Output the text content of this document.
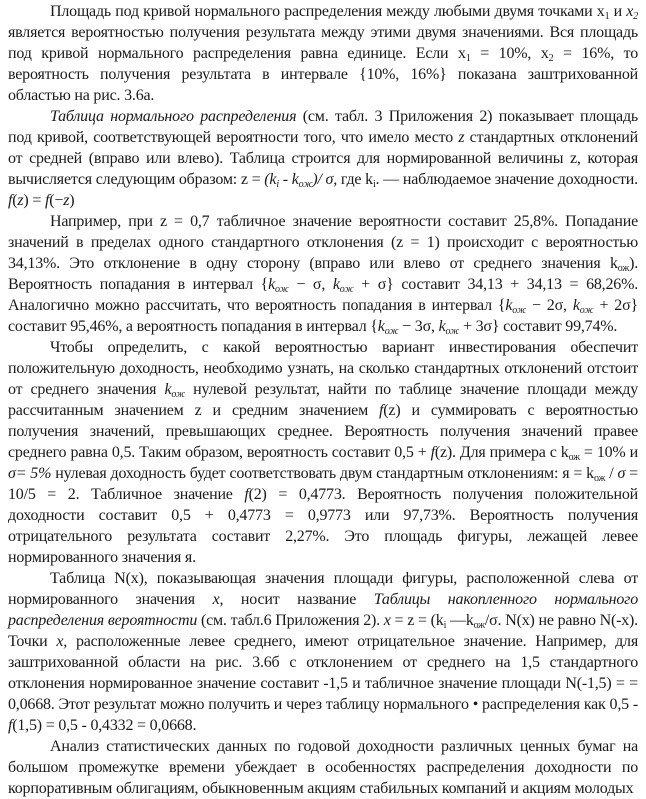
Площадь под кривой нормального распределения между любыми двумя точками $x_1$ и $x_2$ является вероятностью получения результата между этими двумя значениями. Вся площадь под кривой нормального распределения равна единице. Если $x_1 = 10\%$, $x_2 = 16\%$, то вероятность получения результата в интервале {10%, 16%} показана заштрихованной областью на рис. 3.6а.

Таблица нормального распределения (см. табл. 3 Приложения 2) показывает площадь под кривой, соответствующей вероятности того, что имело место z стандартных отклонений от средней (вправо или влево). Таблица строится для нормированной величины z, которая вычисляется следующим образом: $z = (k_i - k_{ож})/$ σ, где $k_i$. — наблюдаемое значение доходности. f(z) = f(−z)

Например, при z = 0,7 табличное значение вероятности составит 25,8%. Попадание значений в пределах одного стандартного отклонения (z = 1) происходит с вероятностью 34,13%. Это отклонение в одну сторону (вправо или влево от среднего значения $k_{ож}$). Вероятность попадания в интервал {$k_{ож} - \sigma$, $k_{ож} + \sigma$} составит 34,13 + 34,13 = 68,26%. Аналогично можно рассчитать, что вероятность попадания в интервал {$k_{ож} - 2\sigma$, $k_{ож} + 2\sigma$} составит 95,46%, а вероятность попадания в интервал {$k_{ож} - 3\sigma$, $k_{ож} + 3\sigma$} составит 99,74%.

Чтобы определить, с какой вероятностью вариант инвестирования обеспечит положительную доходность, необходимо узнать, на сколько стандартных отклонений отстоит от среднего значения $k_{ож}$ нулевой результат, найти по таблице значение площади между рассчитанным значением z и средним значением f(z) и суммировать с вероятностью получения значений, превышающих среднее. Вероятность получения значений правее среднего равна 0,5. Таким образом, вероятность составит 0,5 + f(z). Для примера с $k_{ож} = 10\%$ и σ= 5% нулевая доходность будет соответствовать двум стандартным отклонениям: $я = k_{ож} / \sigma = 10/5 = 2$. Табличное значение f(2) = 0,4773. Вероятность получения положительной доходности составит 0,5 + 0,4773 = 0,9773 или 97,73%. Вероятность получения отрицательного результата составит 2,27%. Это площадь фигуры, лежащей левее нормированного значения я.

Таблица N(x), показывающая значения площади фигуры, расположенной слева от нормированного значения x, носит название Таблицы накопленного нормального распределения вероятности (см. табл.6 Приложения 2). $x = z = (k_i$ $—k_{ож}/\sigma$. N(x) не равно N(-x). Точки x, расположенные левее среднего, имеют отрицательное значение. Например, для заштрихованной области на рис. 3.6б с отклонением от среднего на 1,5 стандартного отклонения нормированное значение составит -1,5 и табличное значение площади N(-1,5) = = 0,0668. Этот результат можно получить и через таблицу нормального • распределения как 0,5 - f(1,5) = 0,5 - 0,4332 = 0,0668.

Анализ статистических данных по годовой доходности различных ценных бумаг на большом промежутке времени убеждает в особенностях распределения доходности по корпоративным облигациям, обыкновенным акциям стабильных компаний и акциям молодых
